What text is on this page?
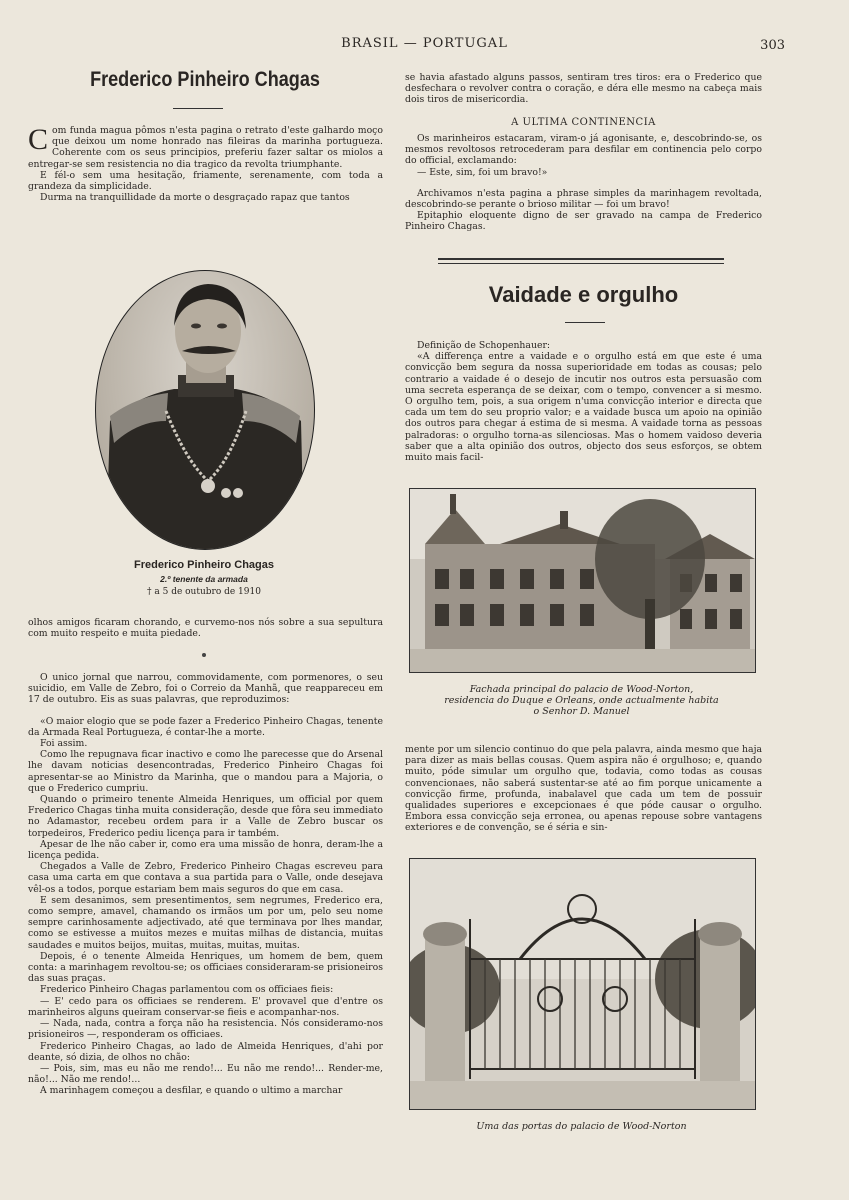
BRASIL — PORTUGAL	303
Frederico Pinheiro Chagas
C om funda magua pômos n'esta pagina o retrato d'este galhardo moço que deixou um nome honrado nas fileiras da marinha portugueza. Coherente com os seus principios, preferiu fazer saltar os miolos a entregar-se sem resistencia no dia tragico da revolta triumphante.

E fél-o sem uma hesitação, friamente, serenamente, com toda a grandeza da simplicidade.

Durma na tranquillidade da morte o desgraçado rapaz que tantos

Frederico Pinheiro Chagas
2.º tenente da armada
† a 5 de outubro de 1910

olhos amigos ficaram chorando, e curvemo-nos nós sobre a sua sepultura com muito respeito e muita piedade.

O unico jornal que narrou, commovidamente, com pormenores, o seu suicidio, em Valle de Zebro, foi o Correio da Manhã, que reappareceu em 17 de outubro. Eis as suas palavras, que reproduzimos:

«O maior elogio que se pode fazer a Frederico Pinheiro Chagas, tenente da Armada Real Portugueza, é contar-lhe a morte.

Foi assim.

Como lhe repugnava ficar inactivo e como lhe parecesse que do Arsenal lhe davam noticias desencontradas, Frederico Pinheiro Chagas foi apresentar-se ao Ministro da Marinha, que o mandou para a Majoria, o que o Frederico cumpriu.

Quando o primeiro tenente Almeida Henriques, um official por quem Frederico Chagas tinha muita consideração, desde que fôra seu immediato no Adamastor, recebeu ordem para ir a Valle de Zebro buscar os torpedeiros, Frederico pediu licença para ir também.

Apesar de lhe não caber ir, como era uma missão de honra, deram-lhe a licença pedida.

Chegados a Valle de Zebro, Frederico Pinheiro Chagas escreveu para casa uma carta em que contava a sua partida para o Valle, onde desejava vêl-os a todos, porque estariam bem mais seguros do que em casa.

E sem desanimos, sem presentimentos, sem negrumes, Frederico era, como sempre, amavel, chamando os irmãos um por um, pelo seu nome sempre carinhosamente adjectivado, até que terminava por lhes mandar, como se estivesse a muitos mezes e muitas milhas de distancia, muitas saudades e muitos beijos, muitas, muitas, muitas, muitas.

Depois, é o tenente Almeida Henriques, um homem de bem, quem conta: a marinhagem revoltou-se; os officiaes consideraram-se prisioneiros das suas praças.

Frederico Pinheiro Chagas parlamentou com os officiaes fieis:

— E' cedo para os officiaes se renderem. E' provavel que d'entre os marinheiros alguns queiram conservar-se fieis e acompanhar-nos.

— Nada, nada, contra a força não ha resistencia. Nós consideramo-nos prisioneiros —, responderam os officiaes.

Frederico Pinheiro Chagas, ao lado de Almeida Henriques, d'ahi por deante, só dizia, de olhos no chão:

— Pois, sim, mas eu não me rendo!... Eu não me rendo!... Render-me, não!... Não me rendo!...

A marinhagem começou a desfilar, e quando o ultimo a marchar

se havia afastado alguns passos, sentiram tres tiros: era o Frederico que desfechara o revolver contra o coração, e déra elle mesmo na cabeça mais dois tiros de misericordia.

A ULTIMA CONTINENCIA

Os marinheiros estacaram, viram-o já agonisante, e, descobrindo-se, os mesmos revoltosos retrocederam para desfilar em continencia pelo corpo do official, exclamando:

— Este, sim, foi um bravo!»

Archivamos n'esta pagina a phrase simples da marinhagem revoltada, descobrindo-se perante o brioso militar — foi um bravo!

Epitaphio eloquente digno de ser gravado na campa de Frederico Pinheiro Chagas.

Vaidade e orgulho

Definição de Schopenhauer:

«A differença entre a vaidade e o orgulho está em que este é uma convicção bem segura da nossa superioridade em todas as cousas; pelo contrario a vaidade é o desejo de incutir nos outros esta persuasão com uma secreta esperança de se deixar, com o tempo, convencer a si mesmo. O orgulho tem, pois, a sua origem n'uma convicção interior e directa que cada um tem do seu proprio valor; e a vaidade busca um apoio na opinião dos outros para chegar á estima de si mesma. A vaidade torna as pessoas palradoras: o orgulho torna-as silenciosas. Mas o homem vaidoso deveria saber que a alta opinião dos outros, objecto dos seus esforços, se obtem muito mais facil-

Fachada principal do palacio de Wood-Norton,
residencia do Duque e Orleans, onde actualmente habita
o Senhor D. Manuel

mente por um silencio continuo do que pela palavra, ainda mesmo que haja para dizer as mais bellas cousas. Quem aspira não é orgulhoso; e, quando muito, póde simular um orgulho que, todavia, como todas as cousas convencionaes, não saberá sustentar-se até ao fim porque unicamente a convicção firme, profunda, inabalavel que cada um tem de possuir qualidades superiores e excepcionaes é que póde causar o orgulho. Embora essa convicção seja erronea, ou apenas repouse sobre vantagens exteriores e de convenção, se é séria e sin-

Uma das portas do palacio de Wood-Norton
